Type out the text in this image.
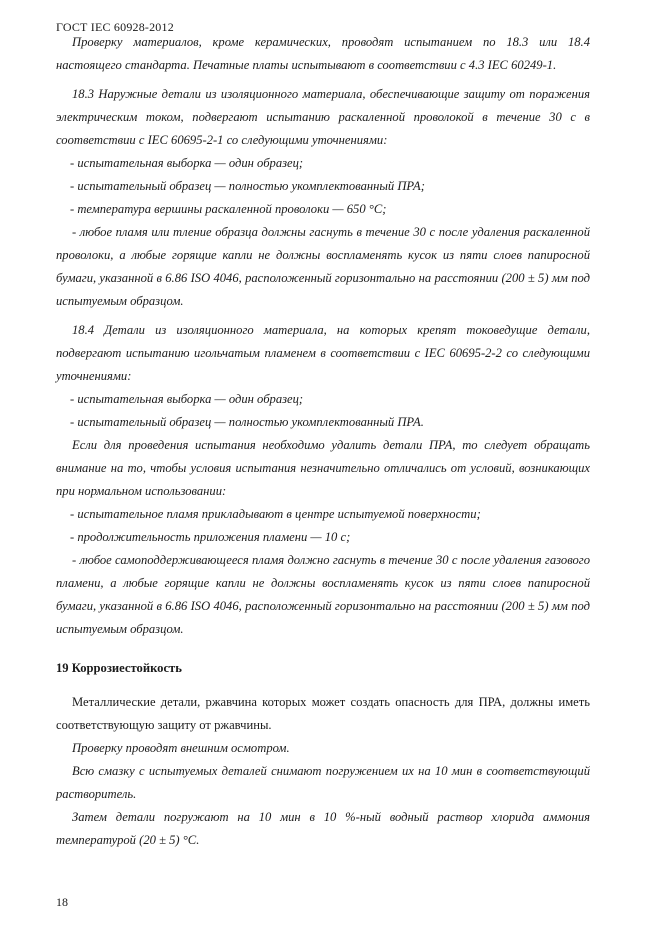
ГОСТ IEC 60928-2012

Проверку материалов, кроме керамических, проводят испытанием по 18.3 или 18.4 настоящего стандарта. Печатные платы испытывают в соответствии с 4.3 IEC 60249-1.

18.3 Наружные детали из изоляционного материала, обеспечивающие защиту от поражения электрическим током, подвергают испытанию раскаленной проволокой в течение 30 с в соответствии с IEC 60695-2-1 со следующими уточнениями:

- испытательная выборка — один образец;

- испытательный образец — полностью укомплектованный ПРА;

- температура вершины раскаленной проволоки — 650 °С;

- любое пламя или тление образца должны гаснуть в течение 30 с после удаления раскаленной проволоки, а любые горящие капли не должны воспламенять кусок из пяти слоев папиросной бумаги, указанной в 6.86 ISO 4046, расположенный горизонтально на расстоянии (200 ± 5) мм под испытуемым образцом.

18.4 Детали из изоляционного материала, на которых крепят токоведущие детали, подвергают испытанию игольчатым пламенем в соответствии с IEC 60695-2-2 со следующими уточнениями:

- испытательная выборка — один образец;

- испытательный образец — полностью укомплектованный ПРА.

Если для проведения испытания необходимо удалить детали ПРА, то следует обращать внимание на то, чтобы условия испытания незначительно отличались от условий, возникающих при нормальном использовании:

- испытательное пламя прикладывают в центре испытуемой поверхности;

- продолжительность приложения пламени — 10 с;

- любое самоподдерживающееся пламя должно гаснуть в течение 30 с после удаления газового пламени, а любые горящие капли не должны воспламенять кусок из пяти слоев папиросной бумаги, указанной в 6.86 ISO 4046, расположенный горизонтально на расстоянии (200 ± 5) мм под испытуемым образцом.

19 Коррозиестойкость

Металлические детали, ржавчина которых может создать опасность для ПРА, должны иметь соответствующую защиту от ржавчины.

Проверку проводят внешним осмотром.

Всю смазку с испытуемых деталей снимают погружением их на 10 мин в соответствующий растворитель.

Затем детали погружают на 10 мин в 10 %-ный водный раствор хлорида аммония температурой (20 ± 5) °С.

18
